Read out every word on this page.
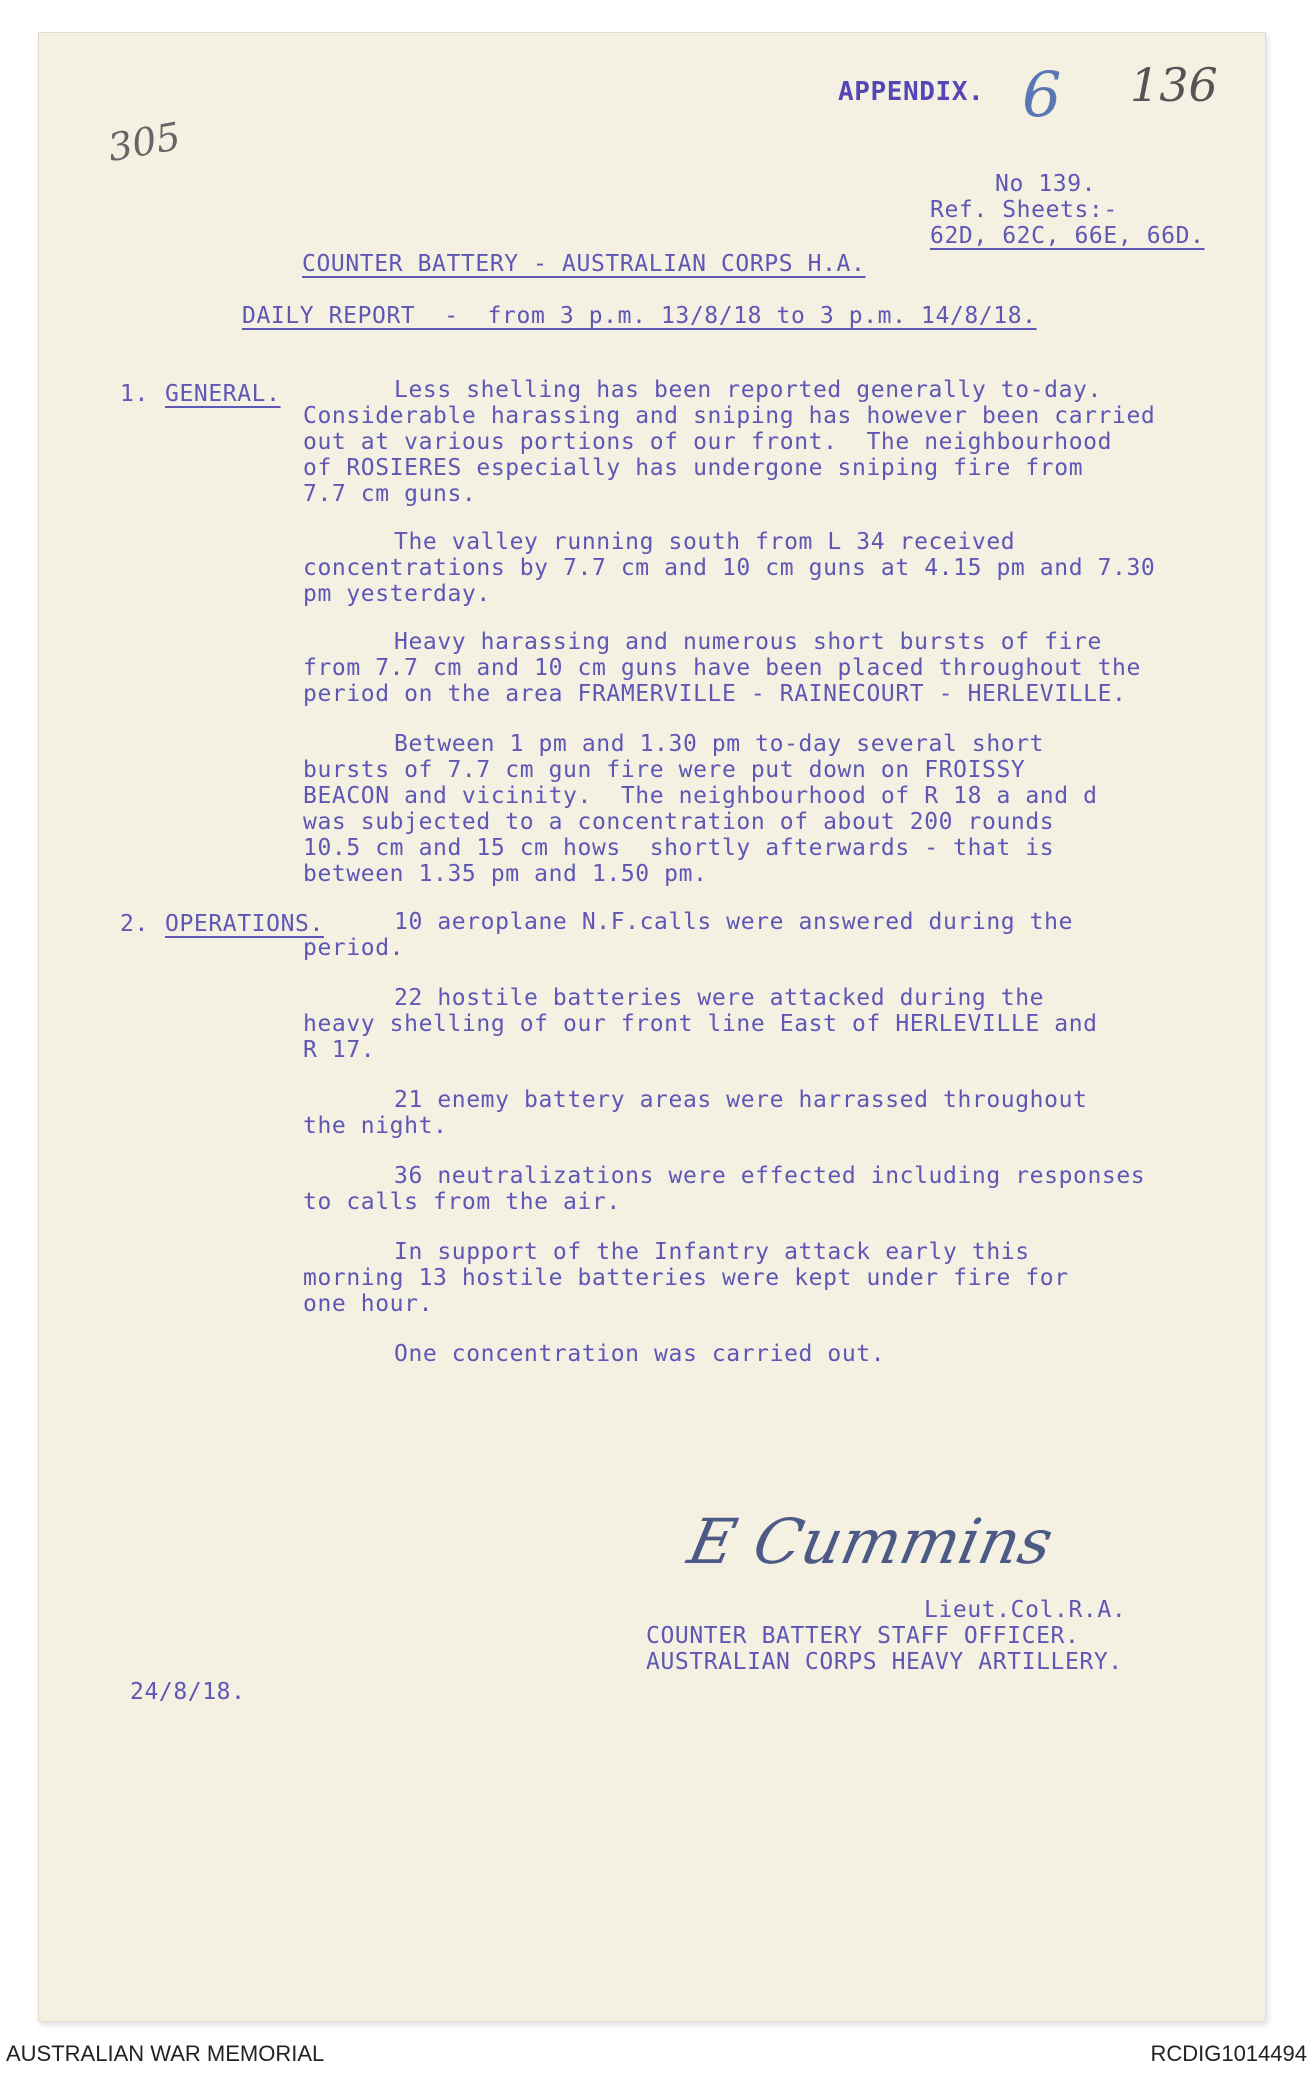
APPENDIX. 6 136
305
No 139.
Ref. Sheets:-
62D, 62C, 66E, 66D.
COUNTER BATTERY - AUSTRALIAN CORPS H.A.
DAILY REPORT  -  from 3 p.m. 13/8/18 to 3 p.m. 14/8/18.
1. GENERAL.	Less shelling has been reported generally to-day.
Considerable harassing and sniping has however been carried
out at various portions of our front.  The neighbourhood
of ROSIERES especially has undergone sniping fire from
7.7 cm guns.
The valley running south from L 34 received
concentrations by 7.7 cm and 10 cm guns at 4.15 pm and 7.30
pm yesterday.
Heavy harassing and numerous short bursts of fire
from 7.7 cm and 10 cm guns have been placed throughout the
period on the area FRAMERVILLE - RAINECOURT - HERLEVILLE.
Between 1 pm and 1.30 pm to-day several short
bursts of 7.7 cm gun fire were put down on FROISSY
BEACON and vicinity.  The neighbourhood of R 18 a and d
was subjected to a concentration of about 200 rounds
10.5 cm and 15 cm hows  shortly afterwards - that is
between 1.35 pm and 1.50 pm.
2. OPERATIONS.	10 aeroplane N.F.calls were answered during the
period.
22 hostile batteries were attacked during the
heavy shelling of our front line East of HERLEVILLE and
R 17.
21 enemy battery areas were harrassed throughout
the night.
36 neutralizations were effected including responses
to calls from the air.
In support of the Infantry attack early this
morning 13 hostile batteries were kept under fire for
one hour.
One concentration was carried out.
E Cummins
Lieut.Col.R.A.
COUNTER BATTERY STAFF OFFICER.
AUSTRALIAN CORPS HEAVY ARTILLERY.
24/8/18.
AUSTRALIAN WAR MEMORIAL	RCDIG1014494
